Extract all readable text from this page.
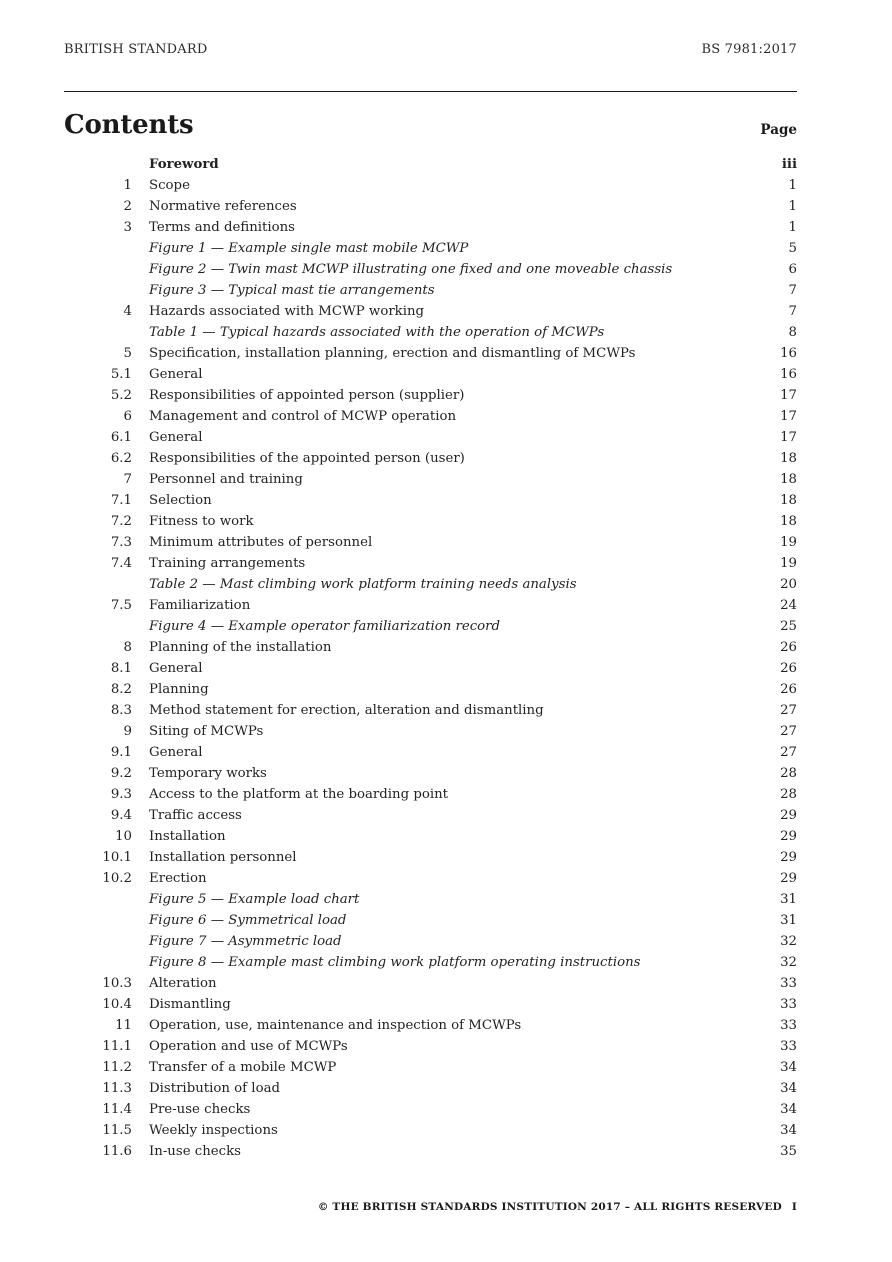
BRITISH STANDARD	BS 7981:2017
Contents	Page
Foreword	iii
1 Scope	1
2 Normative references	1
3 Terms and definitions	1
Figure 1 — Example single mast mobile MCWP	5
Figure 2 — Twin mast MCWP illustrating one fixed and one moveable chassis	6
Figure 3 — Typical mast tie arrangements	7
4 Hazards associated with MCWP working	7
Table 1 — Typical hazards associated with the operation of MCWPs	8
5 Specification, installation planning, erection and dismantling of MCWPs	16
5.1 General	16
5.2 Responsibilities of appointed person (supplier)	17
6 Management and control of MCWP operation	17
6.1 General	17
6.2 Responsibilities of the appointed person (user)	18
7 Personnel and training	18
7.1 Selection	18
7.2 Fitness to work	18
7.3 Minimum attributes of personnel	19
7.4 Training arrangements	19
Table 2 — Mast climbing work platform training needs analysis	20
7.5 Familiarization	24
Figure 4 — Example operator familiarization record	25
8 Planning of the installation	26
8.1 General	26
8.2 Planning	26
8.3 Method statement for erection, alteration and dismantling	27
9 Siting of MCWPs	27
9.1 General	27
9.2 Temporary works	28
9.3 Access to the platform at the boarding point	28
9.4 Traffic access	29
10 Installation	29
10.1 Installation personnel	29
10.2 Erection	29
Figure 5 — Example load chart	31
Figure 6 — Symmetrical load	31
Figure 7 — Asymmetric load	32
Figure 8 — Example mast climbing work platform operating instructions	32
10.3 Alteration	33
10.4 Dismantling	33
11 Operation, use, maintenance and inspection of MCWPs	33
11.1 Operation and use of MCWPs	33
11.2 Transfer of a mobile MCWP	34
11.3 Distribution of load	34
11.4 Pre-use checks	34
11.5 Weekly inspections	34
11.6 In-use checks	35
© THE BRITISH STANDARDS INSTITUTION 2017 – ALL RIGHTS RESERVED I
